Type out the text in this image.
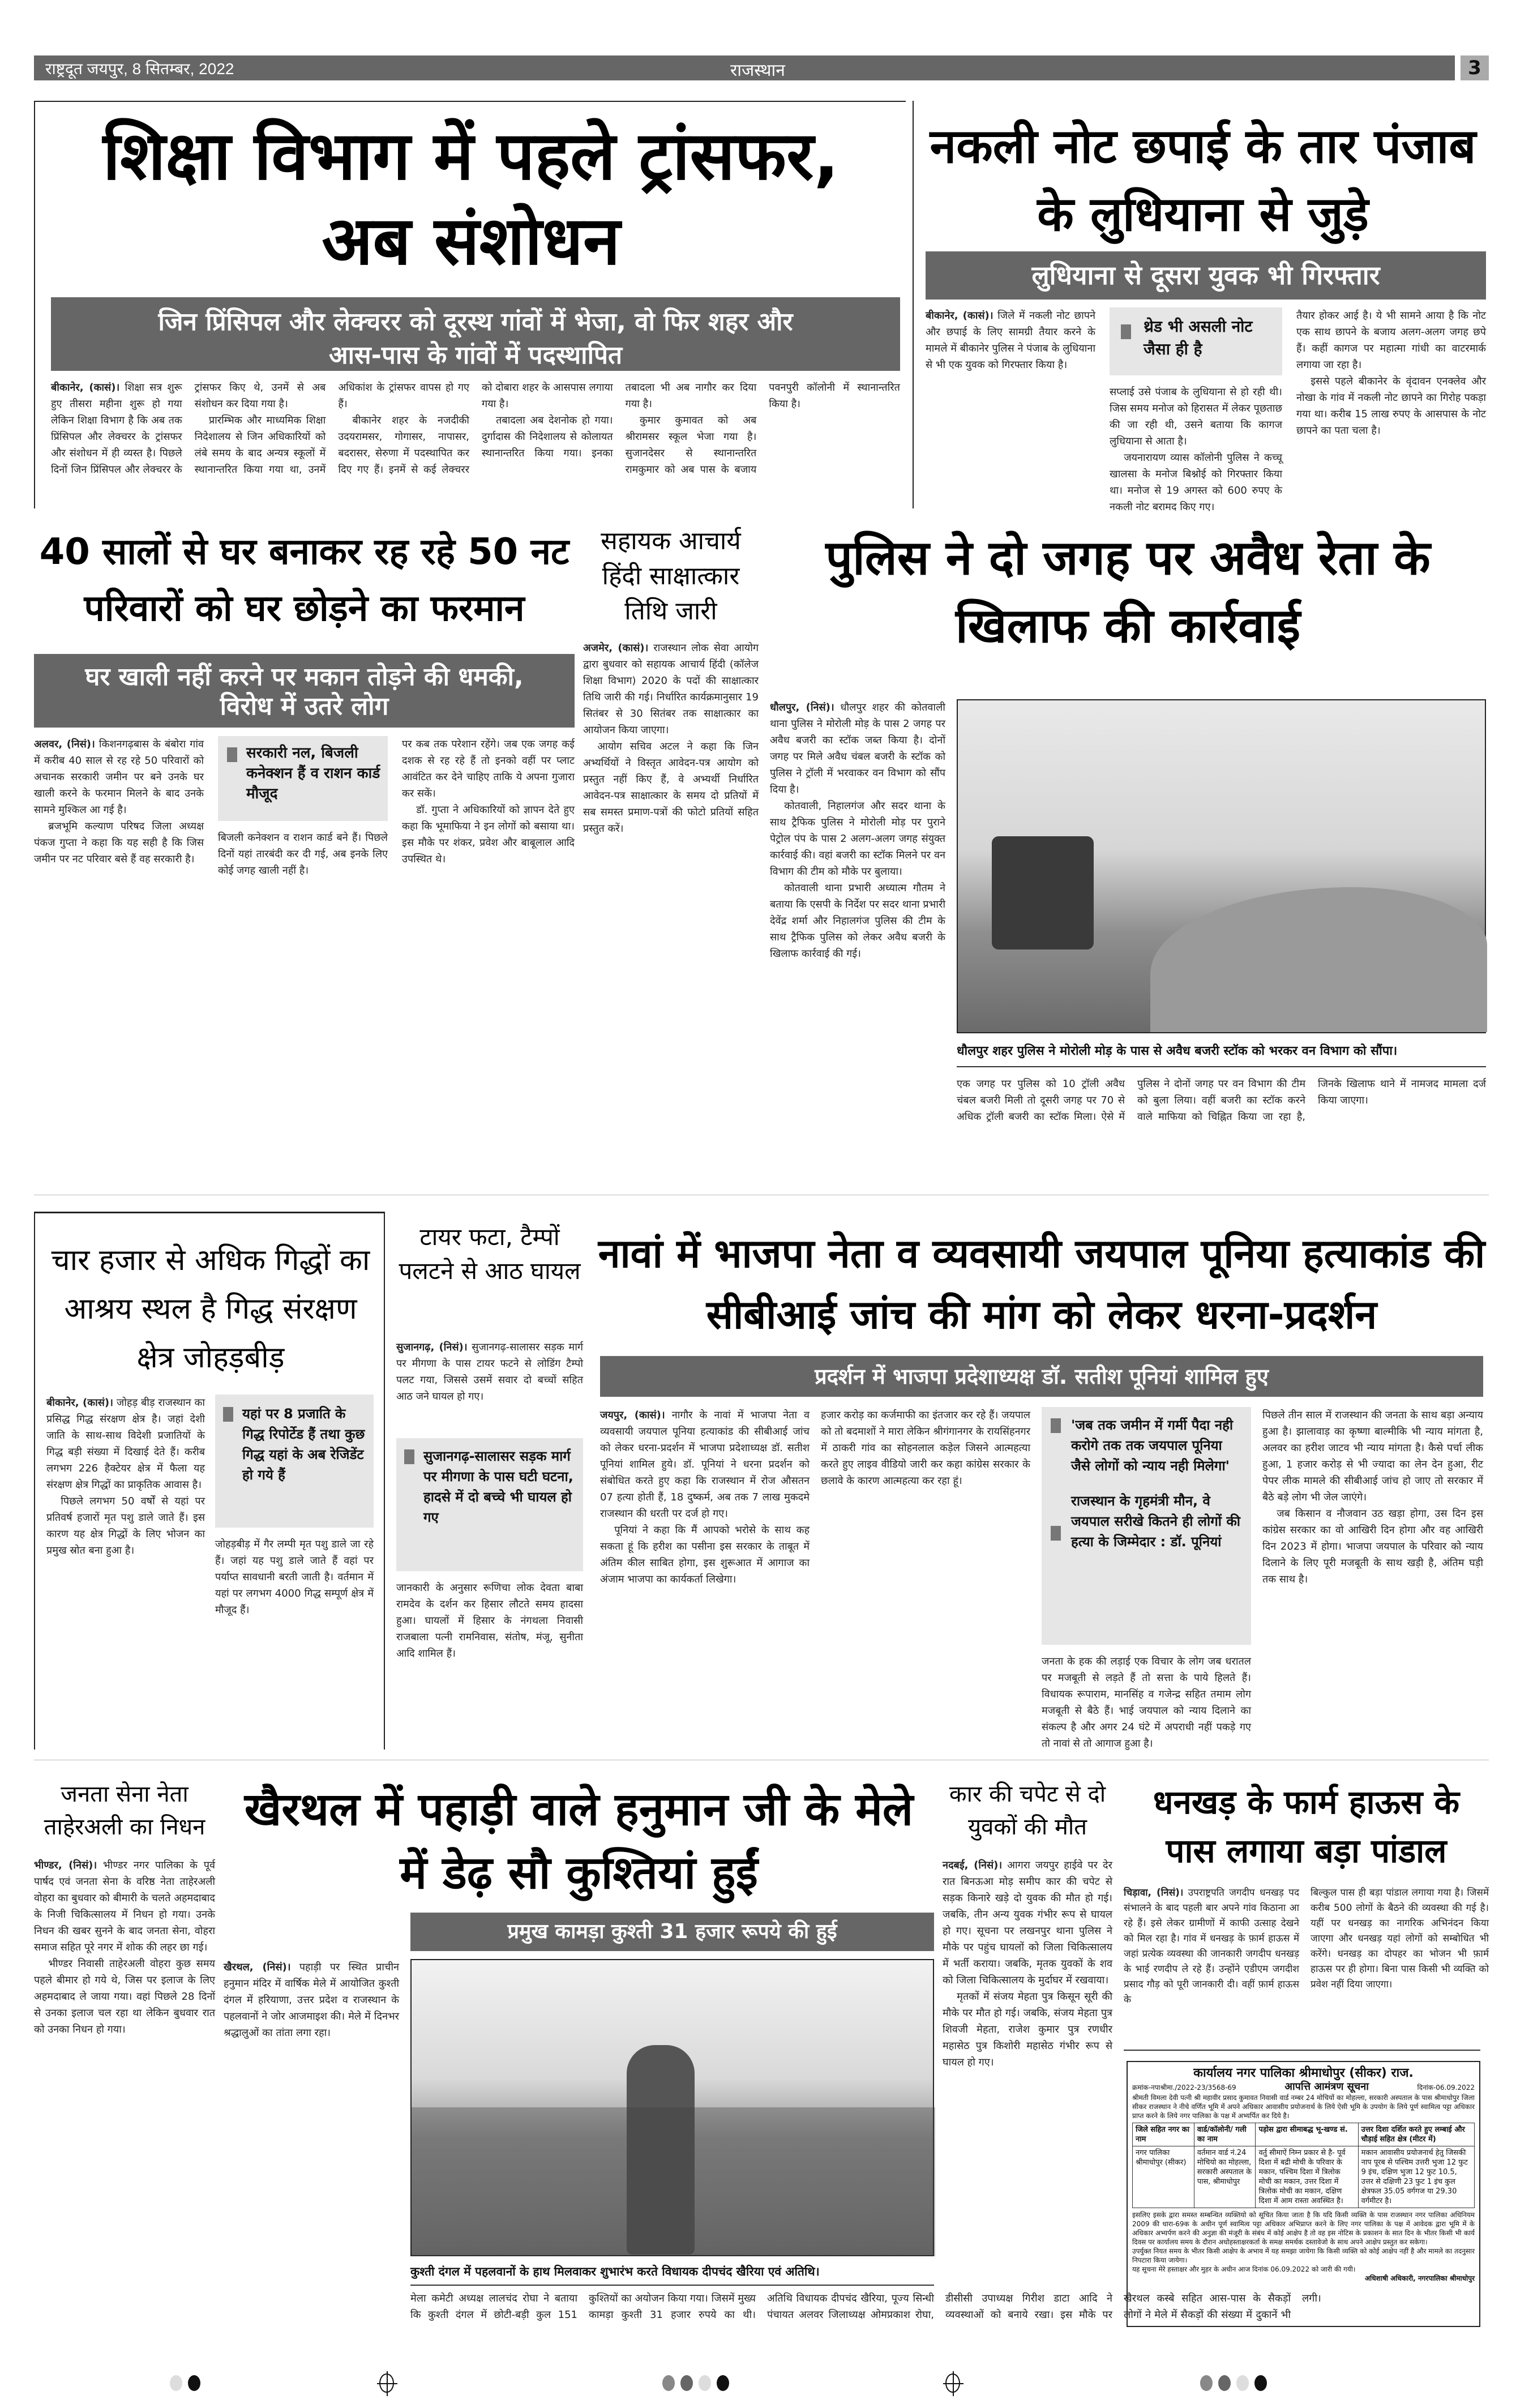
राष्ट्रदूत जयपुर, 8 सितम्बर, 2022	राजस्थान	3
शिक्षा विभाग में पहले ट्रांसफर, अब संशोधन
जिन प्रिंसिपल और लेक्चरर को दूरस्थ गांवों में भेजा, वो फिर शहर और आस-पास के गांवों में पदस्थापित

बीकानेर, (कासं)। शिक्षा सत्र शुरू हुए तीसरा महीना शुरू हो गया लेकिन शिक्षा विभाग है कि अब तक प्रिंसिपल और लेक्चरर के ट्रांसफर और संशोधन में ही व्यस्त है। पिछले दिनों जिन प्रिंसिपल और लेक्चरर के ट्रांसफर किए थे, उनमें से अब संशोधन कर दिया गया है।

प्रारम्भिक और माध्यमिक शिक्षा निदेशालय से जिन अधिकारियों को लंबे समय के बाद अन्यत्र स्कूलों में स्थानान्तरित किया गया था, उनमें अधिकांश के ट्रांसफर वापस हो गए हैं।

बीकानेर शहर के नजदीकी उदयरामसर, गोगासर, नापासर, बदरासर, सेरुणा में पदस्थापित कर दिए गए हैं। इनमें से कई लेक्चरर को दोबारा शहर के आसपास लगाया गया है।

तबादला अब देशनोक हो गया। दुर्गादास की निदेशालय से कोलायत स्थानान्तरित किया गया। इनका तबादला भी अब नागौर कर दिया गया है।

कुमार कुमावत को अब श्रीरामसर स्कूल भेजा गया है। सुजानदेसर से स्थानान्तरित रामकुमार को अब पास के बजाय पवनपुरी कॉलोनी में स्थानान्तरित किया है।

नकली नोट छपाई के तार पंजाब के लुधियाना से जुड़े
लुधियाना से दूसरा युवक भी गिरफ्तार

बीकानेर, (कासं)। जिले में नकली नोट छापने और छपाई के लिए सामग्री तैयार करने के मामले में बीकानेर पुलिस ने पंजाब के लुधियाना से भी एक युवक को गिरफ्तार किया है।

थ्रेड भी असली नोट जैसा ही है

सप्लाई उसे पंजाब के लुधियाना से हो रही थी। जिस समय मनोज को हिरासत में लेकर पूछताछ की जा रही थी, उसने बताया कि कागज लुधियाना से आता है।

जयनारायण व्यास कॉलोनी पुलिस ने कच्चू खालसा के मनोज बिश्नोई को गिरफ्तार किया था। मनोज से 19 अगस्त को 600 रुपए के नकली नोट बरामद किए गए।

तैयार होकर आई है। ये भी सामने आया है कि नोट एक साथ छापने के बजाय अलग-अलग जगह छपे हैं। कहीं कागज पर महात्मा गांधी का वाटरमार्क लगाया जा रहा है।

इससे पहले बीकानेर के वृंदावन एनक्लेव और नोखा के गांव में नकली नोट छापने का गिरोह पकड़ा गया था। करीब 15 लाख रुपए के आसपास के नोट छापने का पता चला है।

40 सालों से घर बनाकर रह रहे 50 नट परिवारों को घर छोड़ने का फरमान
घर खाली नहीं करने पर मकान तोड़ने की धमकी, विरोध में उतरे लोग

अलवर, (निसं)। किशनगढ़बास के बंबोरा गांव में करीब 40 साल से रह रहे 50 परिवारों को अचानक सरकारी जमीन पर बने उनके घर खाली करने के फरमान मिलने के बाद उनके सामने मुश्किल आ गई है।

ब्रजभूमि कल्याण परिषद जिला अध्यक्ष पंकज गुप्ता ने कहा कि यह सही है कि जिस जमीन पर नट परिवार बसे हैं वह सरकारी है।

सरकारी नल, बिजली कनेक्शन हैं व राशन कार्ड मौजूद

बिजली कनेक्शन व राशन कार्ड बने हैं। पिछले दिनों यहां तारबंदी कर दी गई, अब इनके लिए कोई जगह खाली नहीं है।

पर कब तक परेशान रहेंगे। जब एक जगह कई दशक से रह रहे हैं तो इनको वहीं पर प्लाट आवंटित कर देने चाहिए ताकि ये अपना गुजारा कर सकें।

डॉ. गुप्ता ने अधिकारियों को ज्ञापन देते हुए कहा कि भूमाफिया ने इन लोगों को बसाया था। इस मौके पर शंकर, प्रवेश और बाबूलाल आदि उपस्थित थे।

सहायक आचार्य हिंदी साक्षात्कार तिथि जारी

अजमेर, (कासं)। राजस्थान लोक सेवा आयोग द्वारा बुधवार को सहायक आचार्य हिंदी (कॉलेज शिक्षा विभाग) 2020 के पदों की साक्षात्कार तिथि जारी की गई। निर्धारित कार्यक्रमानुसार 19 सितंबर से 30 सितंबर तक साक्षात्कार का आयोजन किया जाएगा।

आयोग सचिव अटल ने कहा कि जिन अभ्यर्थियों ने विस्तृत आवेदन-पत्र आयोग को प्रस्तुत नहीं किए हैं, वे अभ्यर्थी निर्धारित आवेदन-पत्र साक्षात्कार के समय दो प्रतियों में सब समस्त प्रमाण-पत्रों की फोटो प्रतियों सहित प्रस्तुत करें।

पुलिस ने दो जगह पर अवैध रेता के खिलाफ की कार्रवाई

धौलपुर, (निसं)। धौलपुर शहर की कोतवाली थाना पुलिस ने मोरोली मोड़ के पास 2 जगह पर अवैध बजरी का स्टॉक जब्त किया है। दोनों जगह पर मिले अवैध चंबल बजरी के स्टॉक को पुलिस ने ट्रॉली में भरवाकर वन विभाग को सौंप दिया है।

कोतवाली, निहालगंज और सदर थाना के साथ ट्रैफिक पुलिस ने मोरोली मोड़ पर पुराने पेट्रोल पंप के पास 2 अलग-अलग जगह संयुक्त कार्रवाई की। वहां बजरी का स्टॉक मिलने पर वन विभाग की टीम को मौके पर बुलाया।

कोतवाली थाना प्रभारी अध्यात्म गौतम ने बताया कि एसपी के निर्देश पर सदर थाना प्रभारी देवेंद्र शर्मा और निहालगंज पुलिस की टीम के साथ ट्रैफिक पुलिस को लेकर अवैध बजरी के खिलाफ कार्रवाई की गई।

धौलपुर शहर पुलिस ने मोरोली मोड़ के पास से अवैध बजरी स्टॉक को भरकर वन विभाग को सौंपा।

एक जगह पर पुलिस को 10 ट्रॉली अवैध चंबल बजरी मिली तो दूसरी जगह पर 70 से अधिक ट्रॉली बजरी का स्टॉक मिला। ऐसे में पुलिस ने दोनों जगह पर वन विभाग की टीम को बुला लिया। वहीं बजरी का स्टॉक करने वाले माफिया को चिह्नित किया जा रहा है, जिनके खिलाफ थाने में नामजद मामला दर्ज किया जाएगा।

चार हजार से अधिक गिद्धों का आश्रय स्थल है गिद्ध संरक्षण क्षेत्र जोहड़बीड़

बीकानेर, (कासं)। जोहड़ बीड़ राजस्थान का प्रसिद्ध गिद्ध संरक्षण क्षेत्र है। जहां देशी जाति के साथ-साथ विदेशी प्रजातियों के गिद्ध बड़ी संख्या में दिखाई देते हैं। करीब लगभग 226 हैक्टेयर क्षेत्र में फैला यह संरक्षण क्षेत्र गिद्धों का प्राकृतिक आवास है।

पिछले लगभग 50 वर्षों से यहां पर प्रतिवर्ष हजारों मृत पशु डाले जाते हैं। इस कारण यह क्षेत्र गिद्धों के लिए भोजन का प्रमुख स्रोत बना हुआ है।

यहां पर 8 प्रजाति के गिद्ध रिपोर्टेड हैं तथा कुछ गिद्ध यहां के अब रेजिडेंट हो गये हैं

जोहड़बीड़ में गैर लम्पी मृत पशु डाले जा रहे हैं। जहां यह पशु डाले जाते हैं वहां पर पर्याप्त सावधानी बरती जाती है। वर्तमान में यहां पर लगभग 4000 गिद्ध सम्पूर्ण क्षेत्र में मौजूद हैं।

टायर फटा, टैम्पों पलटने से आठ घायल

सुजानगढ़, (निसं)। सुजानगढ़-सालासर सड़क मार्ग पर मीगणा के पास टायर फटने से लोडिंग टैम्पो पलट गया, जिससे उसमें सवार दो बच्चों सहित आठ जने घायल हो गए।

सुजानगढ़-सालासर सड़क मार्ग पर मीगणा के पास घटी घटना, हादसे में दो बच्चे भी घायल हो गए

जानकारी के अनुसार रूणिचा लोक देवता बाबा रामदेव के दर्शन कर हिसार लौटते समय हादसा हुआ। घायलों में हिसार के नंगथला निवासी राजबाला पत्नी रामनिवास, संतोष, मंजू, सुनीता आदि शामिल हैं।

नावां में भाजपा नेता व व्यवसायी जयपाल पूनिया हत्याकांड की सीबीआई जांच की मांग को लेकर धरना-प्रदर्शन
प्रदर्शन में भाजपा प्रदेशाध्यक्ष डॉ. सतीश पूनियां शामिल हुए

जयपुर, (कासं)। नागौर के नावां में भाजपा नेता व व्यवसायी जयपाल पूनिया हत्याकांड की सीबीआई जांच को लेकर धरना-प्रदर्शन में भाजपा प्रदेशाध्यक्ष डॉ. सतीश पूनियां शामिल हुये। डॉ. पूनियां ने धरना प्रदर्शन को संबोधित करते हुए कहा कि राजस्थान में रोज औसतन 07 हत्या होती हैं, 18 दुष्कर्म, अब तक 7 लाख मुकदमे राजस्थान की धरती पर दर्ज हो गए।

पूनियां ने कहा कि मैं आपको भरोसे के साथ कह सकता हूं कि हरीश का पसीना इस सरकार के ताबूत में अंतिम कील साबित होगा, इस शुरूआत में आगाज का अंजाम भाजपा का कार्यकर्ता लिखेगा।

हजार करोड़ का कर्जमाफी का इंतजार कर रहे हैं। जयपाल को तो बदमाशों ने मारा लेकिन श्रीगंगानगर के रायसिंहनगर में ठाकरी गांव का सोहनलाल कड़ेल जिसने आत्महत्या करते हुए लाइव वीडियो जारी कर कहा कांग्रेस सरकार के छलावे के कारण आत्महत्या कर रहा हूं।

'जब तक जमीन में गर्मी पैदा नही करोगे तक तक जयपाल पूनिया जैसे लोगों को न्याय नही मिलेगा'
राजस्थान के गृहमंत्री मौन, वे जयपाल सरीखे कितने ही लोगों की हत्या के जिम्मेदार : डॉ. पूनियां

जनता के हक की लड़ाई एक विचार के लोग जब धरातल पर मजबूती से लड़ते हैं तो सत्ता के पाये हिलते हैं। विधायक रूपाराम, मानसिंह व गजेन्द्र सहित तमाम लोग मजबूती से बैठे हैं। भाई जयपाल को न्याय दिलाने का संकल्प है और अगर 24 घंटे में अपराधी नहीं पकड़े गए तो नावां से तो आगाज हुआ है।

पिछले तीन साल में राजस्थान की जनता के साथ बड़ा अन्याय हुआ है। झालावाड़ का कृष्णा बाल्मीकि भी न्याय मांगता है, अलवर का हरीश जाटव भी न्याय मांगता है। कैसे पर्चा लीक हुआ, 1 हजार करोड़ से भी ज्यादा का लेन देन हुआ, रीट पेपर लीक मामले की सीबीआई जांच हो जाए तो सरकार में बैठे बड़े लोग भी जेल जाएंगे।

जब किसान व नौजवान उठ खड़ा होगा, उस दिन इस कांग्रेस सरकार का वो आखिरी दिन होगा और वह आखिरी दिन 2023 में होगा। भाजपा जयपाल के परिवार को न्याय दिलाने के लिए पूरी मजबूती के साथ खड़ी है, अंतिम घड़ी तक साथ है।

जनता सेना नेता ताहेरअली का निधन

भीण्डर, (निसं)। भीण्डर नगर पालिका के पूर्व पार्षद एवं जनता सेना के वरिष्ठ नेता ताहेरअली वोहरा का बुधवार को बीमारी के चलते अहमदाबाद के निजी चिकित्सालय में निधन हो गया। उनके निधन की खबर सुनने के बाद जनता सेना, वोहरा समाज सहित पूरे नगर में शोक की लहर छा गई।

भीण्डर निवासी ताहेरअली वोहरा कुछ समय पहले बीमार हो गये थे, जिस पर इलाज के लिए अहमदाबाद ले जाया गया। वहां पिछले 28 दिनों से उनका इलाज चल रहा था लेकिन बुधवार रात को उनका निधन हो गया।

खैरथल में पहाड़ी वाले हनुमान जी के मेले में डेढ़ सौ कुश्तियां हुईं
प्रमुख कामड़ा कुश्ती 31 हजार रूपये की हुई

खैरथल, (निसं)। पहाड़ी पर स्थित प्राचीन हनुमान मंदिर में वार्षिक मेले में आयोजित कुश्ती दंगल में हरियाणा, उत्तर प्रदेश व राजस्थान के पहलवानों ने जोर आजमाइश की। मेले में दिनभर श्रद्धालुओं का तांता लगा रहा।

कुश्ती दंगल में पहलवानों के हाथ मिलवाकर शुभारंभ करते विधायक दीपचंद खैरिया एवं अतिथि।

मेला कमेटी अध्यक्ष लालचंद रोघा ने बताया कि कुश्ती दंगल में छोटी-बड़ी कुल 151 कुश्तियों का अयोजन किया गया। जिसमें मुख्य कामड़ा कुश्ती 31 हजार रुपये का थी। अतिथि विधायक दीपचंद खैरिया, पूज्य सिन्धी पंचायत अलवर जिलाध्यक्ष ओमप्रकाश रोघा, डीसीसी उपाध्यक्ष गिरीश डाटा आदि ने व्यवस्थाओं को बनाये रखा। इस मौके पर खैरथल कस्बे सहित आस-पास के सैकड़ों लोगों ने मेले में सैकड़ों की संख्या में दुकानें भी लगी।

कार की चपेट से दो युवकों की मौत

नदबई, (निसं)। आगरा जयपुर हाईवे पर देर रात बिनऊआ मोड़ समीप कार की चपेट से सड़क किनारे खड़े दो युवक की मौत हो गई। जबकि, तीन अन्य युवक गंभीर रूप से घायल हो गए। सूचना पर लखनपुर थाना पुलिस ने मौके पर पहुंच घायलों को जिला चिकित्सालय में भर्ती कराया। जबकि, मृतक युवकों के शव को जिला चिकित्सालय के मुर्दाघर में रखवाया।

मृतकों में संजय मेहता पुत्र किसून सूरी की मौके पर मौत हो गई। जबकि, संजय मेहता पुत्र शिवजी मेहता, राजेश कुमार पुत्र रणधीर महासेठ पुत्र किशोरी महासेठ गंभीर रूप से घायल हो गए।

धनखड़ के फार्म हाऊस के पास लगाया बड़ा पांडाल

चिड़ावा, (निसं)। उपराष्ट्रपति जगदीप धनखड़ पद संभालने के बाद पहली बार अपने गांव किठाना आ रहे हैं। इसे लेकर ग्रामीणों में काफी उत्साह देखने को मिल रहा है। गांव में धनखड़ के फ़ार्म हाऊस में जहां प्रत्येक व्यवस्था की जानकारी जगदीप धनखड़ के भाई रणदीप ले रहे हैं। उन्होंने एडीएम जगदीश प्रसाद गौड़ को पूरी जानकारी दी। वहीं फ़ार्म हाऊस के

बिल्कुल पास ही बड़ा पांडाल लगाया गया है। जिसमें करीब 500 लोगों के बैठने की व्यवस्था की गई है। यहीं पर धनखड़ का नागरिक अभिनंदन किया जाएगा और धनखड़ यहां लोगों को सम्बोधित भी करेंगे। धनखड़ का दोपहर का भोजन भी फ़ार्म हाऊस पर ही होगा। बिना पास किसी भी व्यक्ति को प्रवेश नहीं दिया जाएगा।

कार्यालय नगर पालिका श्रीमाधोपुर (सीकर) राज.
क्रमांक-नपाश्रीमा./2022-23/3568-69	आपत्ति आमंत्रण सूचना	दिनांक-06.09.2022
श्रीमती विमला देवी पत्नी श्री महावीर प्रसाद कुमावत निवासी वार्ड नम्बर 24 मोचियों का मोहल्ला, सरकारी अस्पताल के पास श्रीमाधोपुर जिला सीकर राजस्थान ने नीचे वर्णित भूमि में अपने अधिकार आवासीय प्रयोजनार्थ के लिये ऐसी भूमि के उपयोग के लिये पूर्ण स्वामित्व पट्टा अधिकार प्राप्त करने के लिये नगर पालिका के पक्ष में अभ्यर्पित कर दिये है।
जिले सहित नगर का नाम	वार्ड/कॉलोनी/ गली का नाम	पड़ोस द्वारा सीमाबद्ध भू-खण्ड सं.	उत्तर दिशा दर्शित करते हुए लम्बाई और चौड़ाई सहित क्षेत्र (मीटर में)
नगर पालिका श्रीमाधोपुर (सीकर)	वर्तमान वार्ड नं.24 मोचियो का मोहल्ला, सरकारी अस्पताल के पास, श्रीमाधोपुर	वर्तु सीमाऐं निम्न प्रकार से है- पूर्व दिशा में बद्री मोची के परिवार के मकान, पश्चिम दिशा में त्रिलोक मोची का मकान, उत्तर दिशा में त्रिलोक मोची का मकान, दक्षिण दिशा में आम रास्ता अवस्थित है।	मकान आवासीय प्रयोजनार्थ हेतु जिसकी नाप पूरब से पश्चिम उत्तरी भुजा 12 फुट 9 इंच, दक्षिण भुजा 12 फुट 10.5, उत्तर से दक्षिणी 23 फुट 1 इंच कुल क्षेत्रफल 35.05 वर्गगज या 29.30 वर्गमीटर है।
इसलिए इसके द्वारा समस्त सम्बन्धित व्यक्तियो को सूचित किया जाता है कि यदि किसी व्यक्ति के पास राजस्थान नगर पालिका अधिनियम 2009 की धारा-69क के अधीन पूर्ण स्वामित्व पट्टा अधिकार अभिप्राप्त करने के लिए नगर पालिका के पक्ष में आवेदक द्वारा भूमि में के अधिकार अभ्यर्पण करने की अनुज्ञा की मंजूरी के संबंध में कोई आक्षेप है तो वह इस नोटिस के प्रकाशन के सात दिन के भीतर किसी भी कार्य दिवस पर कार्यालय समय के दौरान अधोहस्ताक्षरकर्ता के समक्ष समर्थक दस्तावेजो के साथ अपने आक्षेप प्रस्तुत कर सकेगा।
उपर्युक्त नियत समय के भीतर किसी आक्षेप के अभाव में यह समझा जायेगा कि किसी व्यक्ति को कोई आक्षेप नहीं है और मामले का तदनुसार निपटारा किया जायेगा।
यह सूचना मेरे हस्ताक्षर और मुहर के अधीन आज दिनांक 06.09.2022 को जारी की गयी।
अधिशाषी अधिकारी, नगरपालिका श्रीमाधोपुर
